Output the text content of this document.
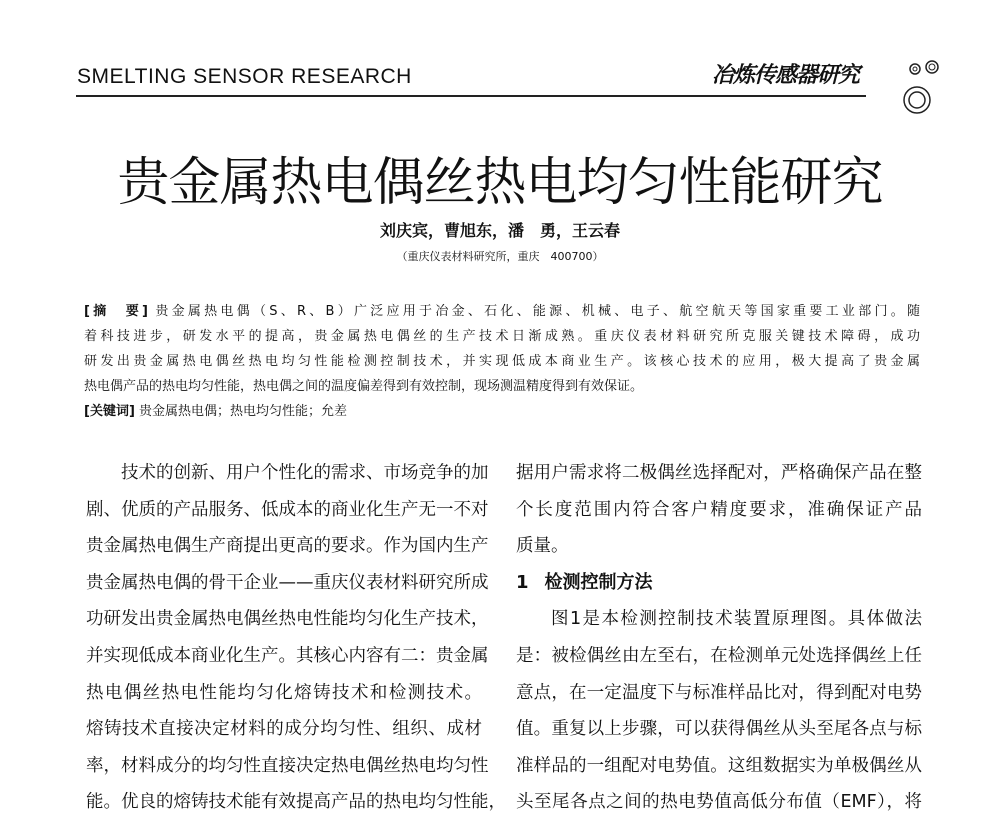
SMELTING SENSOR RESEARCH	冶炼传感器研究
贵金属热电偶丝热电均匀性能研究
刘庆宾，曹旭东，潘　勇，王云春
（重庆仪表材料研究所，重庆　400700）
[摘　要] 贵金属热电偶（S、R、B）广泛应用于冶金、石化、能源、机械、电子、航空航天等国家重要工业部门。随
着科技进步，研发水平的提高，贵金属热电偶丝的生产技术日渐成熟。重庆仪表材料研究所克服关键技术障碍，成功
研发出贵金属热电偶丝热电均匀性能检测控制技术，并实现低成本商业生产。该核心技术的应用，极大提高了贵金属
热电偶产品的热电均匀性能，热电偶之间的温度偏差得到有效控制，现场测温精度得到有效保证。
[关键词] 贵金属热电偶；热电均匀性能；允差
技术的创新、用户个性化的需求、市场竞争的加
剧、优质的产品服务、低成本的商业化生产无一不对
贵金属热电偶生产商提出更高的要求。作为国内生产
贵金属热电偶的骨干企业——重庆仪表材料研究所成
功研发出贵金属热电偶丝热电性能均匀化生产技术，
并实现低成本商业化生产。其核心内容有二：贵金属
热电偶丝热电性能均匀化熔铸技术和检测技术。
熔铸技术直接决定材料的成分均匀性、组织、成材
率，材料成分的均匀性直接决定热电偶丝热电均匀性
能。优良的熔铸技术能有效提高产品的热电均匀性能，
据用户需求将二极偶丝选择配对，严格确保产品在整
个长度范围内符合客户精度要求，准确保证产品
质量。
1 检测控制方法
图1是本检测控制技术装置原理图。具体做法
是：被检偶丝由左至右，在检测单元处选择偶丝上任
意点，在一定温度下与标准样品比对，得到配对电势
值。重复以上步骤，可以获得偶丝从头至尾各点与标
准样品的一组配对电势值。这组数据实为单极偶丝从
头至尾各点之间的热电势值高低分布值（EMF），将
